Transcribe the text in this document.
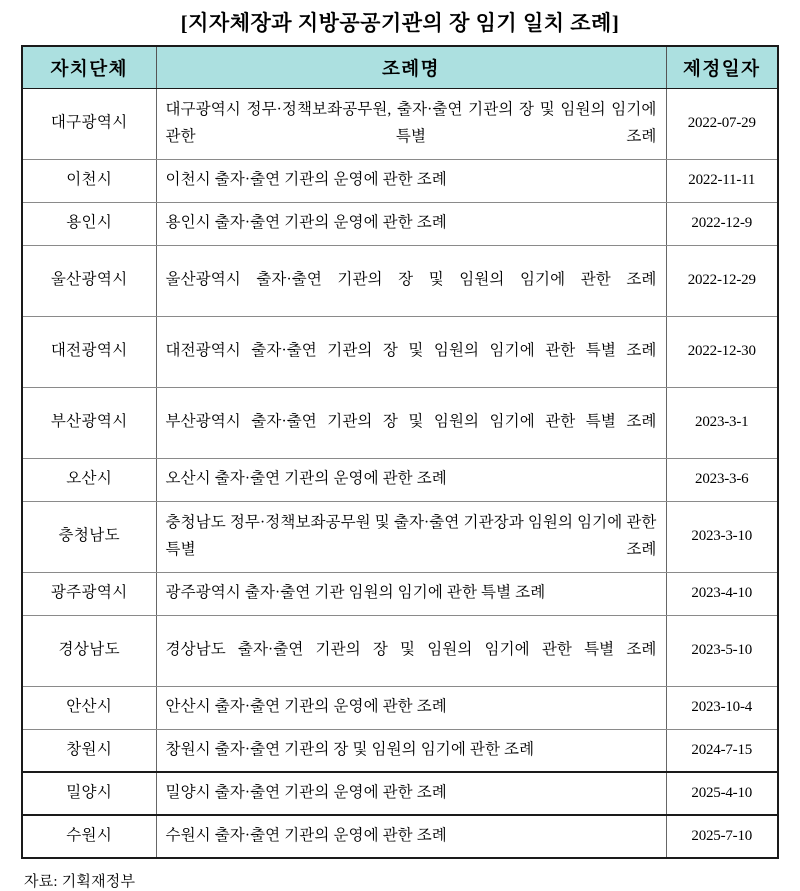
[지자체장과 지방공공기관의 장 임기 일치 조례]
자치단체	조례명	제정일자
대구광역시	대구광역시 정무·정책보좌공무원, 출자·출연 기관의 장 및 임원의 임기에 관한 특별 조례	2022-07-29
이천시	이천시 출자·출연 기관의 운영에 관한 조례	2022-11-11
용인시	용인시 출자·출연 기관의 운영에 관한 조례	2022-12-9
울산광역시	울산광역시 출자·출연 기관의 장 및 임원의 임기에 관한 조례	2022-12-29
대전광역시	대전광역시 출자·출연 기관의 장 및 임원의 임기에 관한 특별 조례	2022-12-30
부산광역시	부산광역시 출자·출연 기관의 장 및 임원의 임기에 관한 특별 조례	2023-3-1
오산시	오산시 출자·출연 기관의 운영에 관한 조례	2023-3-6
충청남도	충청남도 정무·정책보좌공무원 및 출자·출연 기관장과 임원의 임기에 관한 특별 조례	2023-3-10
광주광역시	광주광역시 출자·출연 기관 임원의 임기에 관한 특별 조례	2023-4-10
경상남도	경상남도 출자·출연 기관의 장 및 임원의 임기에 관한 특별 조례	2023-5-10
안산시	안산시 출자·출연 기관의 운영에 관한 조례	2023-10-4
창원시	창원시 출자·출연 기관의 장 및 임원의 임기에 관한 조례	2024-7-15
밀양시	밀양시 출자·출연 기관의 운영에 관한 조례	2025-4-10
수원시	수원시 출자·출연 기관의 운영에 관한 조례	2025-7-10
자료: 기획재정부
